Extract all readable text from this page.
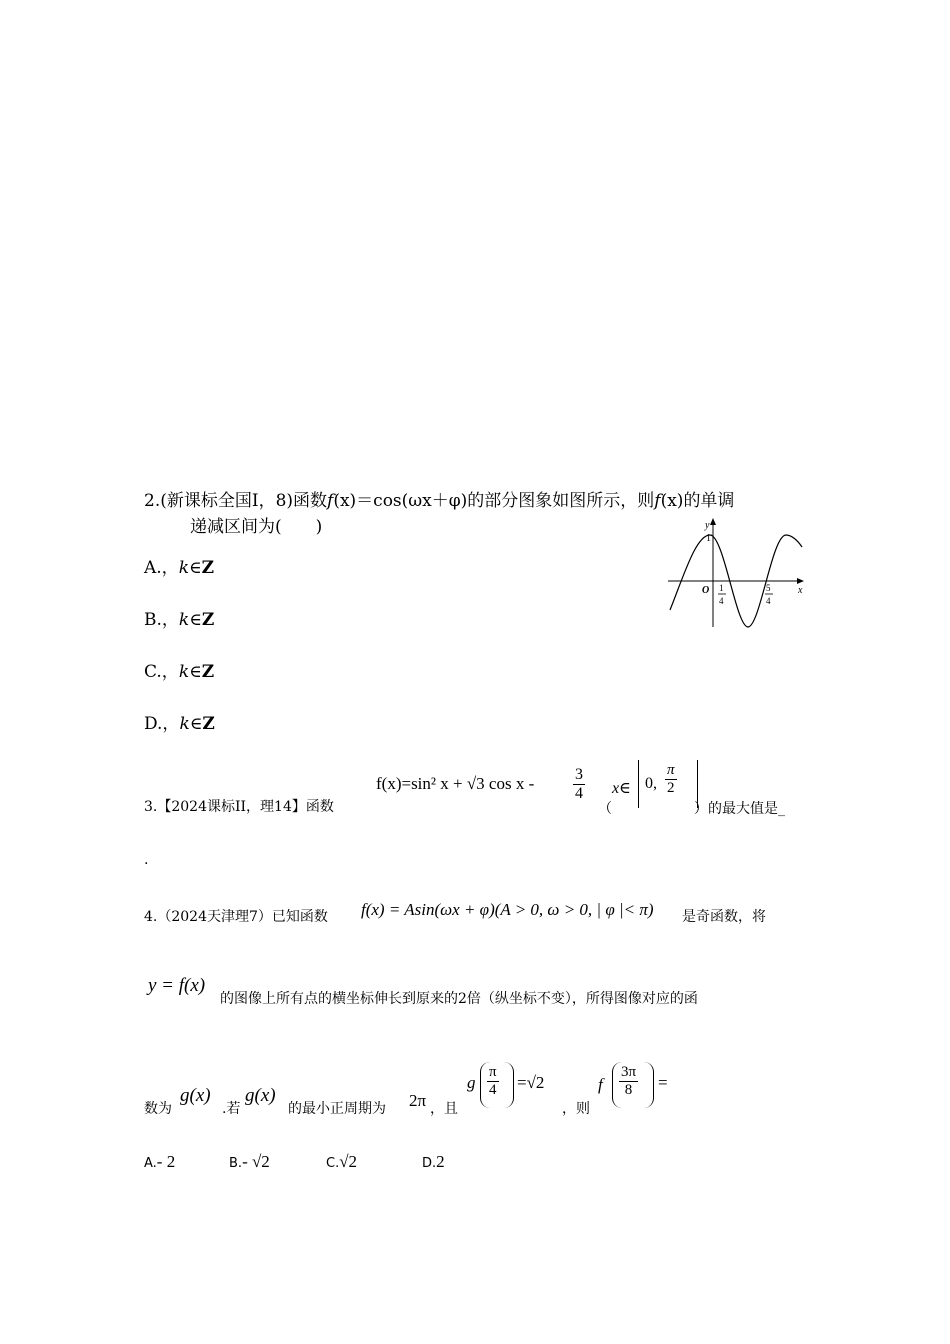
2.(新课标全国Ⅰ，8)函数f(x)＝cos(ωx＋φ)的部分图象如图所示，则f(x)的单调
递减区间为(　　)
A.，k∈Z
B.，k∈Z
C.，k∈Z
D.，k∈Z
y
1
x
O 1
4
5
4
3.【2024课标II，理14】函数
f(x)=sin² x + √3 cos x - $\frac{3}{4}$
（
x∈ 0, $\frac{\pi}{2}$
）的最大值是_
.
4.（2024天津理7）已知函数 f(x) = Asin(ωx + φ)(A > 0, ω > 0, | φ |< π) 是奇函数，将
y = f(x)
的图像上所有点的横坐标伸长到原来的2倍（纵坐标不变），所得图像对应的函
数为
g(x)
.若
g(x)
的最小正周期为 2π ，且
g $\frac{\pi}{4} =√2$
，则
f $\frac{3\pi}{8}$ =
A.- 2	B.- √2	C.√2	D.2
